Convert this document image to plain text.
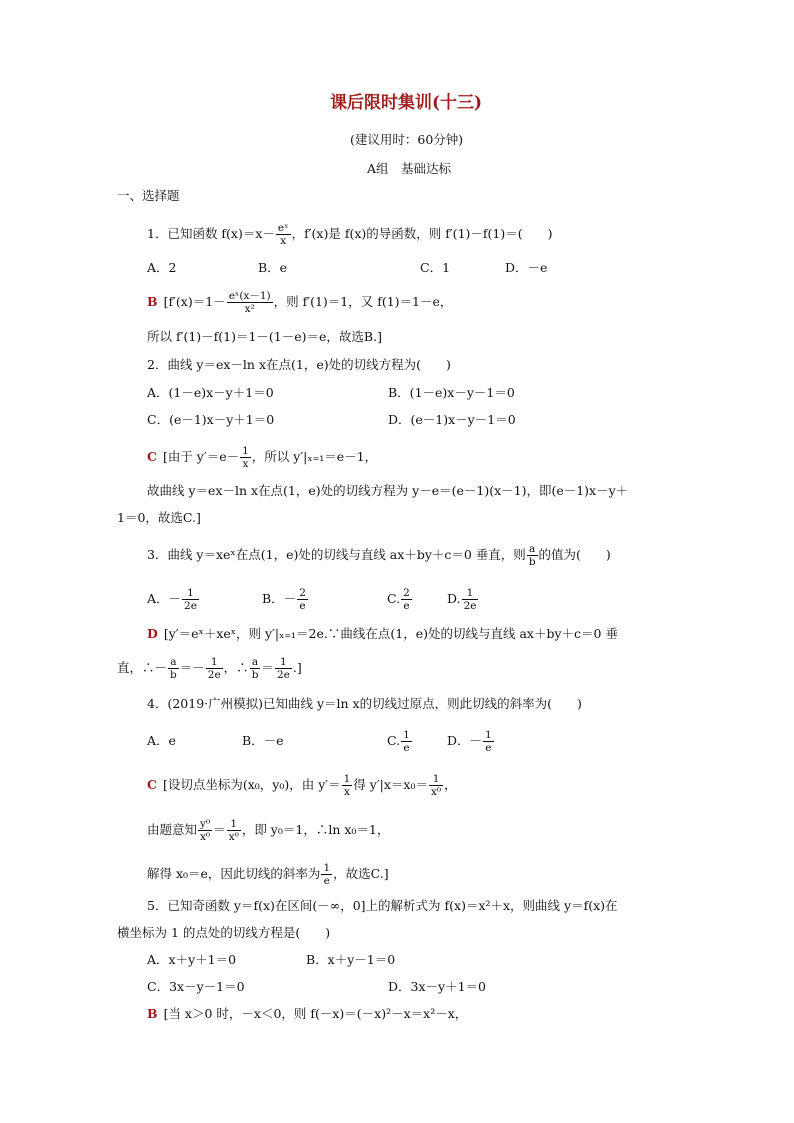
课后限时集训(十三)
(建议用时：60分钟)
A组　基础达标
一、选择题
1．已知函数 $f(x)=x- \frac{\text{eˣ}}{x}$ ，f′(x)是 f(x)的导函数，则 f′(1)－f(1)＝(　　)
A．2	B．e	C．1	D．－e
B [$f'(x)=1- \frac{\text{eˣ(x－1)}}{\text{x²}}$ ，则 f′(1)＝1，又 f(1)＝1－e，
所以 f′(1)－f(1)＝1－(1－e)＝e，故选B.]
2．曲线 y＝ex－ln x在点(1，e)处的切线方程为(　　)
A．(1－e)x－y＋1＝0	B．(1－e)x－y－1＝0
C．(e－1)x－y＋1＝0	D．(e－1)x－y－1＝0
C [由于 $y'=e- \frac{1}{x}$ ，所以 y′|ₓ₌₁＝e－1，
故曲线 y＝ex－ln x在点(1，e)处的切线方程为 y－e＝(e－1)(x－1)，即(e－1)x－y＋
1＝0，故选C.]
3．曲线 y＝xeˣ在点(1，e)处的切线与直线 ax＋by＋c＝0 垂直，则 $\frac{a}{b}$ 的值为(　　)
A．－ $\frac{1}{2e}$	B．－ $\frac{2}{e}$	C. $\frac{2}{e}$	D. $\frac{1}{2e}$
D [y′＝eˣ＋xeˣ，则 y′|ₓ₌₁＝2e.∵曲线在点(1，e)处的切线与直线 ax＋by＋c＝0 垂
直，∴－ $\frac{a}{b} =- \frac{1}{2e}$ ，∴ $\frac{a}{b} = \frac{1}{2e}$ .]
4．(2019·广州模拟)已知曲线 y＝ln x的切线过原点，则此切线的斜率为(　　)
A．e	B．－e	C. $\frac{1}{e}$	D．－ $\frac{1}{e}$
C [设切点坐标为(x₀，y₀)，由 $y'= \frac{1}{x}$ 得 $y'|x=x_0= \frac{1}{\text{x⁰}}$ ，
由题意知 $\frac{\text{y⁰}}{\text{x⁰}} = \frac{1}{\text{x⁰}}$ ，即 y₀＝1，∴ln x₀＝1，
解得 x₀＝e，因此切线的斜率为 $\frac{1}{e}$ ，故选C.]
5．已知奇函数 y＝f(x)在区间(－∞，0]上的解析式为 f(x)＝x²＋x，则曲线 y＝f(x)在
横坐标为 1 的点处的切线方程是(　　)
A．x＋y＋1＝0	B．x＋y－1＝0
C．3x－y－1＝0	D．3x－y＋1＝0
B [当 x＞0 时，－x＜0，则 f(－x)＝(－x)²－x＝x²－x，
